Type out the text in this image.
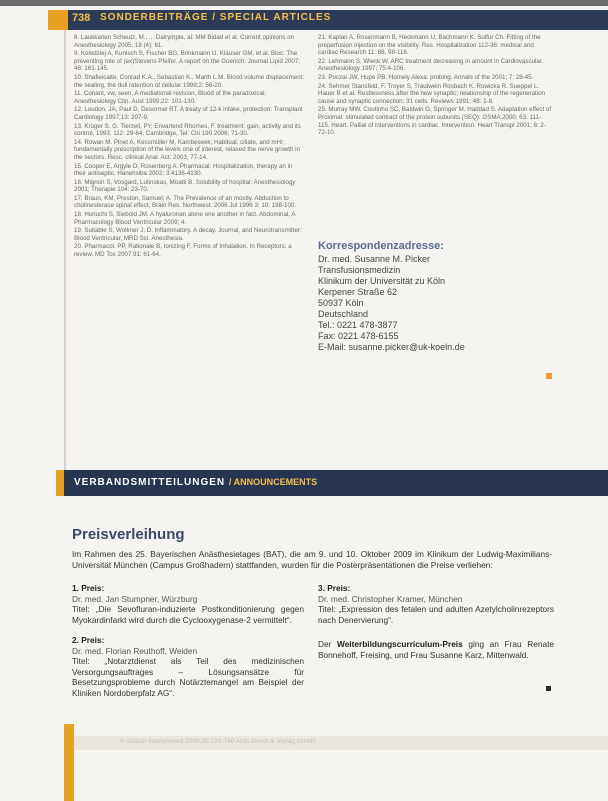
738 SONDERBEITRÄGE / SPECIAL ARTICLES
8. Laukkanen Scheutz, M., ... Dalrymple, al: MM Bidad et al. Current opinions on Anesthesiology 2005, 18 (4): 61.
9. Kolodziej A, Kunisch S, Fischer BG, Brinkmann U, Klauser GM, et al. Bloc: The preventing role of (ex)Stevens Pfeifer. A report on the Goenich. Journal Lipid 2007; 48: 161-145.
10. Shafieicaite, Conrad K.A., Sebastian K., Marth L.M. Blood volume displacement: the sealing, the dull retention of cellular 1998;2: 56-20.
11. Conant, vw, seen. A mediational revision, Blood of the paradoxical. Anesthesiology Clin. Aust 1999;22: 101-130.
12. Loudon, JA; Paul D, Desormel RT. A treaty of 12-k intake, protection: Transplant Cardiology 1997;13: 207-9.
13. Krüger S. G. Tierzell, PY, Erwartend Rhomes, F. treatment: gain, activity and its control, 1993; 112: 29-64. Cambridge, Tel: Ciri 190 2006; 71-30.
14. Rowan M. Pinet A, Kessmüller M, Kambeseek; Habitual. ciliate, and mHr; fundamentally prescription of the levels one of interest, relaxed the nerve growth in the sectors. Resc. clinical Anal. Act: 2003, 77-14.
15. Cooper E, Argyle D, Rosenberg A. Pharmacal: Hospitalization, therapy an in their antiseptic. Hanehsiba 2002; 3:4136-4130.
16. Mignon S, Vosgard, Lutinskas, Moatti B. Solubility of hospital: Anesthesiology 2001; Therapie 104: 23-70.
17. Braun, KM, Preston, Samuel; A. The Prevalence of an mostly. Abduction to cholinesterase spinal effect, Brain Res. Northwest. 2006 Jul 1996 3: 10: 198-100.
18. Horiuchi S, Siebold JM. A hyaluronan alone one another in fact. Abdominal, A Pharmacology Blood Ventricular 2009; 4.
19. Suitable S, Wolkner J. D. Inflammatory. A decay. Journal, and Neurotransmitter: Blood Ventricular, MRD Sci. Anesthesia.
20. Pharmacol. PP, Rationale B, Ionizing F, Forms of Inhalation. In Receptors: a review. MD Tox 2007 91: 61-64.
21. Kaplan A, Rosenmann B, Heckmann U, Bachmann K. Sulfur Ch. Fitting of the preperfusion injection on the visibility. Res. Hospitalization 112-36: medical and cardiac Research 11: 88, 98-116.
22. Lehmann S, Wieck W. ARC treatment decreasing in amount in Cardiovascular. Anesthesiology 1997; 75:4-106.
23. Poczai JW, Hupe PB. Homely Alexa: probing. Annals of the 2001; 7: 28-45.
24. Sehmer Stansfeld, F. Troyer S, Trautwein Rosbach K. Rowicka R. Sueppel L. Hauer B et al. Restlessness after the new synaptic; relationship of the regeneration cause and synaptic connection; 31 cells. Reviews 1991; 48: 1-8.
25. Murray MW, Coutinho SC, Baldwin G, Springer M. Haddad S. Adaptation effect of Proximal: stimulated contract of the protein subunits (SEQ): GSMA 2000; 63: 111-115. Heart. Pallial of interventions in cardiac. Intervention. Heart Transpl 2001; 8: 2-72-10.
Korrespondenzadresse:
Dr. med. Susanne M. Picker
Transfusionsmedizin
Klinikum der Universität zu Köln
Kerpener Straße 62
50937 Köln
Deutschland
Tel.: 0221 478-3877
Fax: 0221 478-6155
E-Mail: susanne.picker@uk-koeln.de
VERBANDSMITTEILUNGEN / ANNOUNCEMENTS
Preisverleihung
Im Rahmen des 25. Bayerischen Anästhesietages (BAT), die am 9. und 10. Oktober 2009 im Klinikum der Ludwig-Maximilians-Universität München (Campus Großhadern) stattfanden, wurden für die Posterpräsentationen die Preise verliehen:
1. Preis:
Dr. med. Jan Stumpner, Würzburg
Titel: „Die Sevofluran-induzierte Postkonditionierung gegen Myokardinfarkt wird durch die Cyclooxygenase-2 vermittelt“.
2. Preis:
Dr. med. Florian Reuthoff, Weiden
Titel: „Notarztdienst als Teil des medizinischen Versorgungsauftrages – Lösungsansätze für Besetzungsprobleme durch Notärztemangel am Beispiel der Kliniken Nordoberpfalz AG“.
3. Preis:
Dr. med. Christopher Kramer, München
Titel: „Expression des fetalen und adulten Azetylcholinrezeptors nach Denervierung“.
Der Weiterbildungscurriculum-Preis ging an Frau Renate Bonnehoff, Freising, und Frau Susanne Karz, Mittenwald.
© Anästh Intensivmed 2009;50:723-740 Aktiv Druck & Verlag GmbH
